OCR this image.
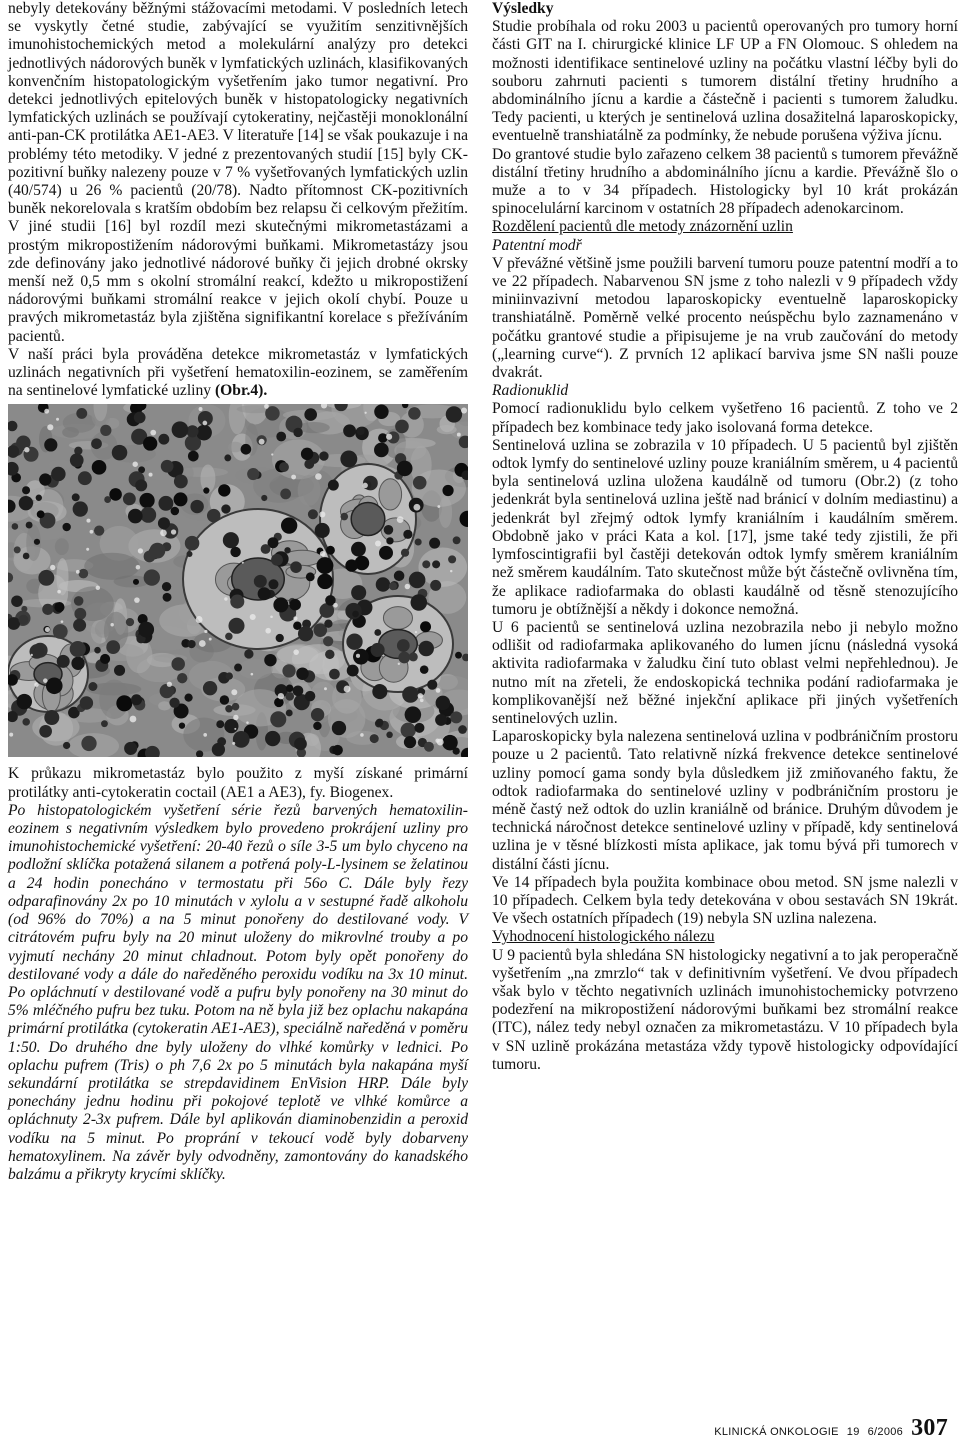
nebyly detekovány běžnými stážovacími metodami. V posledních letech se vyskytly četné studie, zabývající se využitím senzitivnějších imunohistochemických metod a molekulární analýzy pro detekci jednotlivých nádorových buněk v lymfatických uzlinách, klasifikovaných konvenčním histopatologickým vyšetřením jako tumor negativní. Pro detekci jednotlivých epitelových buněk v histopatologicky negativních lymfatických uzlinách se používají cytokeratiny, nejčastěji monoklonální anti-pan-CK protilátka AE1-AE3. V literatuře [14] se však poukazuje i na problémy této metodiky. V jedné z prezentovaných studií [15] byly CK-pozitivní buňky nalezeny pouze v 7 % vyšetřovaných lymfatických uzlin (40/574) u 26 % pacientů (20/78). Nadto přítomnost CK-pozitivních buněk nekorelovala s kratším obdobím bez relapsu či celkovým přežitím. V jiné studii [16] byl rozdíl mezi skutečnými mikrometastázami a prostým mikropostižením nádorovými buňkami. Mikrometastázy jsou zde definovány jako jednotlivé nádorové buňky či jejich drobné okrsky menší než 0,5 mm s okolní stromální reakcí, kdežto u mikropostižení nádorovými buňkami stromální reakce v jejich okolí chybí. Pouze u pravých mikrometastáz byla zjištěna signifikantní korelace s přežíváním pacientů.

V naší práci byla prováděna detekce mikrometastáz v lymfatických uzlinách negativních při vyšetření hematoxilin-eozinem, se zaměřením na sentinelové lymfatické uzliny (Obr.4).

K průkazu mikrometastáz bylo použito z myší získané primární protilátky anti-cytokeratin coctail (AE1 a AE3), fy. Biogenex.

Po histopatologickém vyšetření série řezů barvených hematoxilin-eozinem s negativním výsledkem bylo provedeno prokrájení uzliny pro imunohistochemické vyšetření: 20-40 řezů o síle 3-5 um bylo chyceno na podložní sklíčka potažená silanem a potřená poly-L-lysinem se želatinou a 24 hodin ponecháno v termostatu při 56o C. Dále byly řezy odparafinovány 2x po 10 minutách v xylolu a v sestupné řadě alkoholu (od 96% do 70%) a na 5 minut ponořeny do destilované vody. V citrátovém pufru byly na 20 minut uloženy do mikrovlné trouby a po vyjmutí nechány 20 minut chladnout. Potom byly opět ponořeny do destilované vody a dále do naředěného peroxidu vodíku na 3x 10 minut. Po opláchnutí v destilované vodě a pufru byly ponořeny na 30 minut do 5% mléčného pufru bez tuku. Potom na ně byla již bez oplachu nakapána primární protilátka (cytokeratin AE1-AE3), speciálně naředěná v poměru 1:50. Do druhého dne byly uloženy do vlhké komůrky v lednici. Po oplachu pufrem (Tris) o ph 7,6 2x po 5 minutách byla nakapána myší sekundární protilátka se strepdavidinem EnVision HRP. Dále byly ponechány jednu hodinu při pokojové teplotě ve vlhké komůrce a opláchnuty 2-3x pufrem. Dále byl aplikován diaminobenzidin a peroxid vodíku na 5 minut. Po proprání v tekoucí vodě byly dobarveny hematoxylinem. Na závěr byly odvodněny, zamontovány do kanadského balzámu a přikryty krycími sklíčky.

Výsledky

Studie probíhala od roku 2003 u pacientů operovaných pro tumory horní části GIT na I. chirurgické klinice LF UP a FN Olomouc. S ohledem na možnosti identifikace sentinelové uzliny na počátku vlastní léčby byli do souboru zahrnuti pacienti s tumorem distální třetiny hrudního a abdominálního jícnu a kardie a částečně i pacienti s tumorem žaludku. Tedy pacienti, u kterých je sentinelová uzlina dosažitelná laparoskopicky, eventuelně transhiatálně za podmínky, že nebude porušena výživa jícnu.

Do grantové studie bylo zařazeno celkem 38 pacientů s tumorem převážně distální třetiny hrudního a abdominálního jícnu a kardie. Převážně šlo o muže a to v 34 případech. Histologicky byl 10 krát prokázán spinocelulární karcinom v ostatních 28 případech adenokarcinom.

Rozdělení pacientů dle metody znázornění uzlin

Patentní modř

V převážné většině jsme použili barvení tumoru pouze patentní modří a to ve 22 případech. Nabarvenou SN jsme z toho nalezli v 9 případech vždy miniinvazivní metodou laparoskopicky eventuelně laparoskopicky transhiatálně. Poměrně velké procento neúspěchu bylo zaznamenáno v počátku grantové studie a připisujeme je na vrub zaučování do metody („learning curve“). Z prvních 12 aplikací barviva jsme SN našli pouze dvakrát.

Radionuklid

Pomocí radionuklidu bylo celkem vyšetřeno 16 pacientů. Z toho ve 2 případech bez kombinace tedy jako isolovaná forma detekce.

Sentinelová uzlina se zobrazila v 10 případech. U 5 pacientů byl zjištěn odtok lymfy do sentinelové uzliny pouze kraniálním směrem, u 4 pacientů byla sentinelová uzlina uložena kaudálně od tumoru (Obr.2) (z toho jedenkrát byla sentinelová uzlina ještě nad bránicí v dolním mediastinu) a jedenkrát byl zřejmý odtok lymfy kraniálním i kaudálním směrem. Obdobně jako v práci Kata a kol. [17], jsme také tedy zjistili, že při lymfoscintigrafii byl častěji detekován odtok lymfy směrem kraniálním než směrem kaudálním. Tato skutečnost může být částečně ovlivněna tím, že aplikace radiofarmaka do oblasti kaudálně od těsně stenozujícího tumoru je obtížnější a někdy i dokonce nemožná.

U 6 pacientů se sentinelová uzlina nezobrazila nebo ji nebylo možno odlišit od radiofarmaka aplikovaného do lumen jícnu (následná vysoká aktivita radiofarmaka v žaludku činí tuto oblast velmi nepřehlednou). Je nutno mít na zřeteli, že endoskopická technika podání radiofarmaka je komplikovanější než běžné injekční aplikace při jiných vyšetřeních sentinelových uzlin.

Laparoskopicky byla nalezena sentinelová uzlina v podbráničním prostoru pouze u 2 pacientů. Tato relativně nízká frekvence detekce sentinelové uzliny pomocí gama sondy byla důsledkem již zmiňovaného faktu, že odtok radiofarmaka do sentinelové uzliny v podbráničním prostoru je méně častý než odtok do uzlin kraniálně od bránice. Druhým důvodem je technická náročnost detekce sentinelové uzliny v případě, kdy sentinelová uzlina je v těsné blízkosti místa aplikace, jak tomu bývá při tumorech v distální části jícnu.

Ve 14 případech byla použita kombinace obou metod. SN jsme nalezli v 10 případech. Celkem byla tedy detekována v obou sestavách SN 19krát. Ve všech ostatních případech (19) nebyla SN uzlina nalezena.

Vyhodnocení histologického nálezu

U 9 pacientů byla shledána SN histologicky negativní a to jak peroperačně vyšetřením „na zmrzlo“ tak v definitivním vyšetření. Ve dvou případech však bylo v těchto negativních uzlinách imunohistochemicky potvrzeno podezření na mikropostižení nádorovými buňkami bez stromální reakce (ITC), nález tedy nebyl označen za mikrometastázu. V 10 případech byla v SN uzlině prokázána metastáza vždy typově histologicky odpovídající tumoru.

KLINICKÁ ONKOLOGIE 19 6/2006 307
